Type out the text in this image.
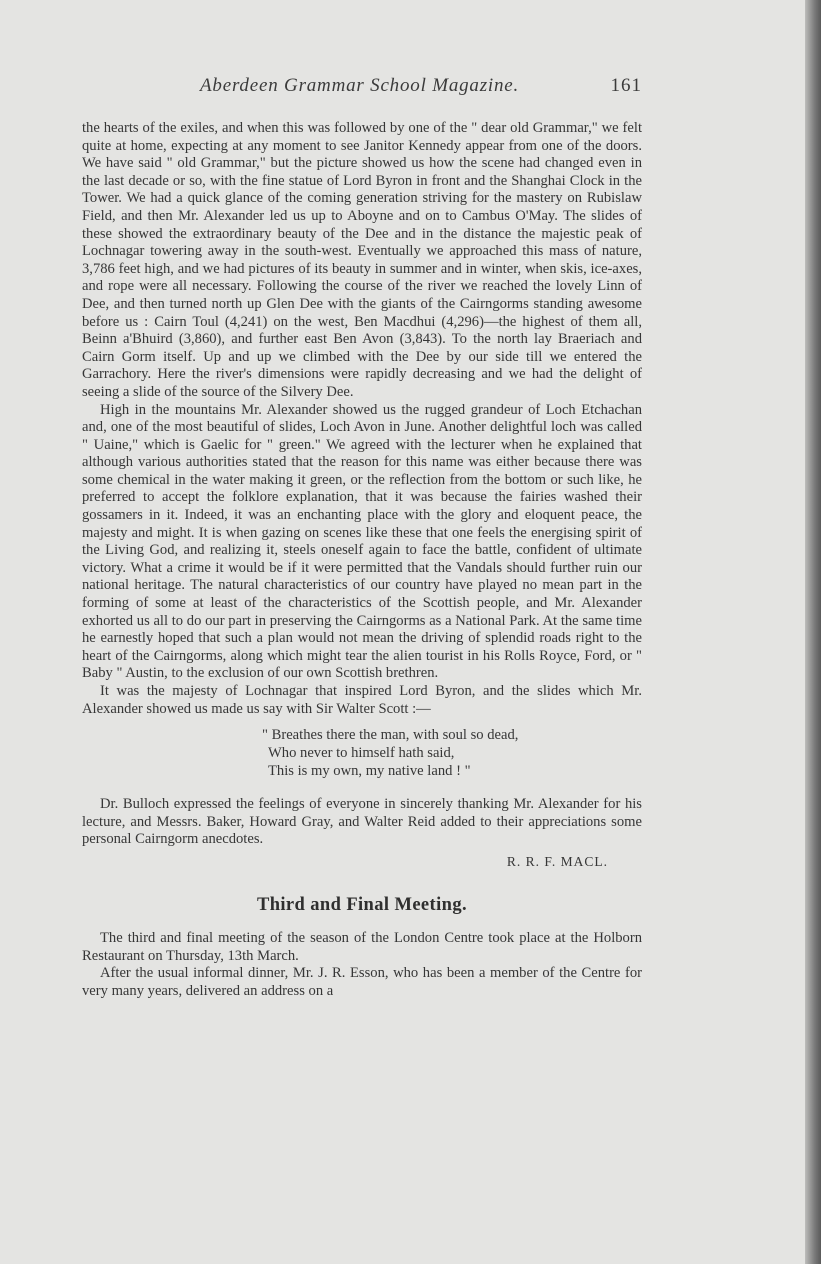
Aberdeen Grammar School Magazine.	161

the hearts of the exiles, and when this was followed by one of the " dear old Grammar," we felt quite at home, expecting at any moment to see Janitor Kennedy appear from one of the doors. We have said " old Grammar," but the picture showed us how the scene had changed even in the last decade or so, with the fine statue of Lord Byron in front and the Shanghai Clock in the Tower. We had a quick glance of the coming generation striving for the mastery on Rubislaw Field, and then Mr. Alexander led us up to Aboyne and on to Cambus O'May. The slides of these showed the extraordinary beauty of the Dee and in the distance the majestic peak of Lochnagar towering away in the south-west. Eventually we approached this mass of nature, 3,786 feet high, and we had pictures of its beauty in summer and in winter, when skis, ice-axes, and rope were all necessary. Following the course of the river we reached the lovely Linn of Dee, and then turned north up Glen Dee with the giants of the Cairngorms standing awesome before us : Cairn Toul (4,241) on the west, Ben Macdhui (4,296)—the highest of them all, Beinn a'Bhuird (3,860), and further east Ben Avon (3,843). To the north lay Braeriach and Cairn Gorm itself. Up and up we climbed with the Dee by our side till we entered the Garrachory. Here the river's dimensions were rapidly decreasing and we had the delight of seeing a slide of the source of the Silvery Dee.

High in the mountains Mr. Alexander showed us the rugged grandeur of Loch Etchachan and, one of the most beautiful of slides, Loch Avon in June. Another delightful loch was called " Uaine," which is Gaelic for " green." We agreed with the lecturer when he explained that although various authorities stated that the reason for this name was either because there was some chemical in the water making it green, or the reflection from the bottom or such like, he preferred to accept the folklore explanation, that it was because the fairies washed their gossamers in it. Indeed, it was an enchanting place with the glory and eloquent peace, the majesty and might. It is when gazing on scenes like these that one feels the energising spirit of the Living God, and realizing it, steels oneself again to face the battle, confident of ultimate victory. What a crime it would be if it were permitted that the Vandals should further ruin our national heritage. The natural characteristics of our country have played no mean part in the forming of some at least of the characteristics of the Scottish people, and Mr. Alexander exhorted us all to do our part in preserving the Cairngorms as a National Park. At the same time he earnestly hoped that such a plan would not mean the driving of splendid roads right to the heart of the Cairngorms, along which might tear the alien tourist in his Rolls Royce, Ford, or " Baby " Austin, to the exclusion of our own Scottish brethren.

It was the majesty of Lochnagar that inspired Lord Byron, and the slides which Mr. Alexander showed us made us say with Sir Walter Scott :—

" Breathes there the man, with soul so dead,
Who never to himself hath said,
This is my own, my native land ! "

Dr. Bulloch expressed the feelings of everyone in sincerely thanking Mr. Alexander for his lecture, and Messrs. Baker, Howard Gray, and Walter Reid added to their appreciations some personal Cairngorm anecdotes.

R. R. F. MACL.
Third and Final Meeting.

The third and final meeting of the season of the London Centre took place at the Holborn Restaurant on Thursday, 13th March.

After the usual informal dinner, Mr. J. R. Esson, who has been a member of the Centre for very many years, delivered an address on a
